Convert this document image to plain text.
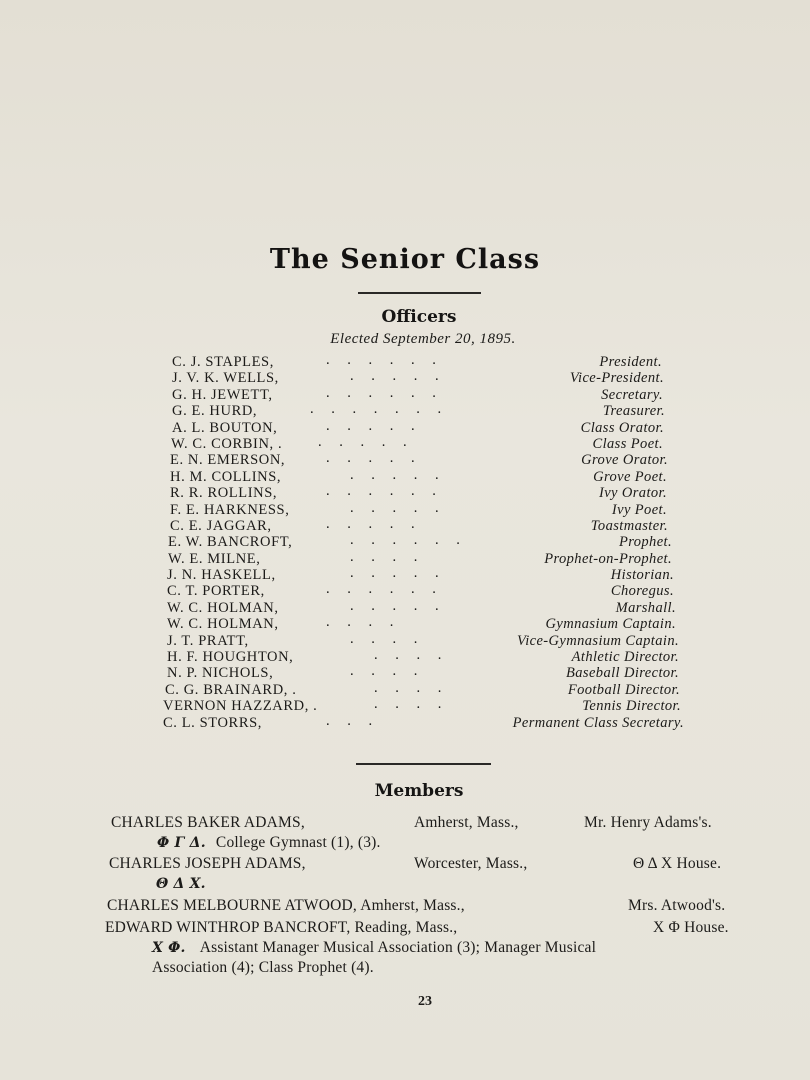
The Senior Class
Officers
Elected September 20, 1895.
C. J. STAPLES,	. . . . . .	President.
J. V. K. WELLS,	. . . . .	Vice-President.
G. H. JEWETT,	. . . . . .	Secretary.
G. E. HURD,	. . . . . . .	Treasurer.
A. L. BOUTON,	. . . . .	Class Orator.
W. C. CORBIN, . . . . . .	Class Poet.
E. N. EMERSON,	. . . . .	Grove Orator.
H. M. COLLINS,	. . . . .	Grove Poet.
R. R. ROLLINS,	. . . . . .	Ivy Orator.
F. E. HARKNESS,	. . . . .	Ivy Poet.
C. E. JAGGAR,	. . . . .	Toastmaster.
E. W. BANCROFT,	. . . . . .	Prophet.
W. E. MILNE,	. . . .	Prophet-on-Prophet.
J. N. HASKELL,	. . . . .	Historian.
C. T. PORTER,	. . . . . .	Choregus.
W. C. HOLMAN,	. . . . .	Marshall.
W. C. HOLMAN,	. . . .	Gymnasium Captain.
J. T. PRATT,	. . . .	Vice-Gymnasium Captain.
H. F. HOUGHTON,	. . . .	Athletic Director.
N. P. NICHOLS,	. . . .	Baseball Director.
C. G. BRAINARD, .	. . . .	Football Director.
VERNON HAZZARD, .	. . . .	Tennis Director.
C. L. STORRS,	. . .	Permanent Class Secretary.
Members
CHARLES BAKER ADAMS,	Amherst, Mass.,	Mr. Henry Adams's.
Φ Γ Δ. College Gymnast (1), (3).
CHARLES JOSEPH ADAMS,	Worcester, Mass.,	Θ Δ X House.
Θ Δ X.
CHARLES MELBOURNE ATWOOD, Amherst, Mass.,	Mrs. Atwood's.
EDWARD WINTHROP BANCROFT, Reading, Mass.,	X Φ House.
X Φ. Assistant Manager Musical Association (3); Manager Musical
Association (4); Class Prophet (4).
23
